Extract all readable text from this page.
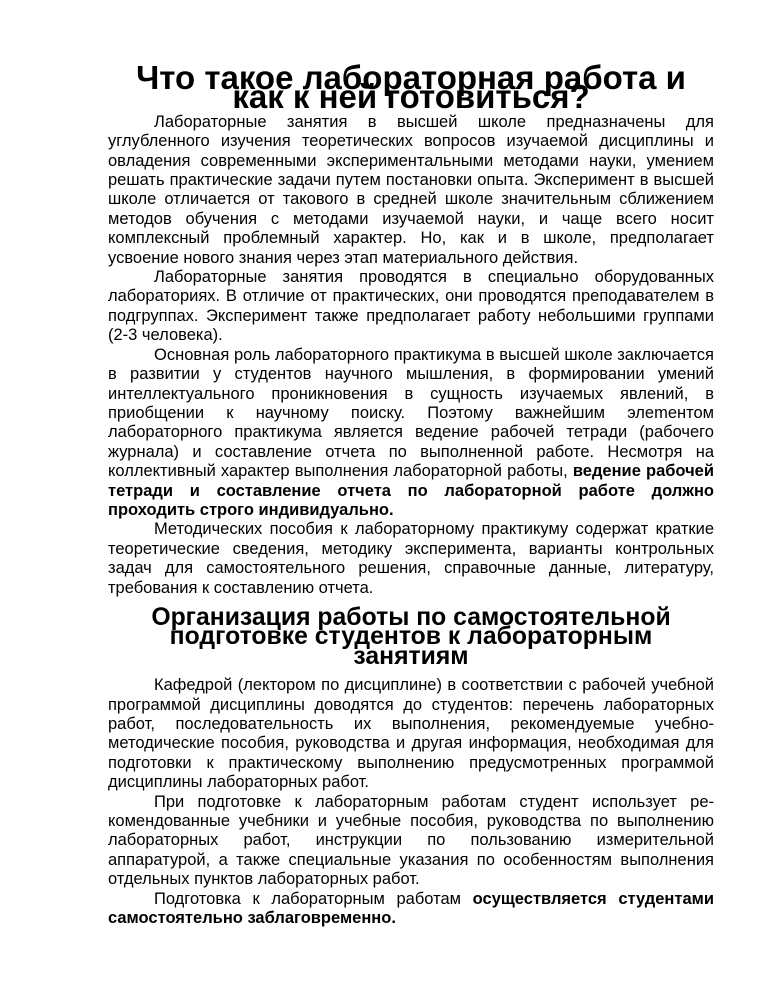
Что такое лабораторная работа и как к ней готовиться?

Лабораторные занятия в высшей школе предназначены для углубленного изучения теоретических вопросов изучаемой дисциплины и овладения современными экспериментальными методами науки, умением решать практические задачи путем постановки опыта. Эксперимент в высшей школе отличается от такового в средней школе значительным сближением методов обучения с методами изучаемой науки, и чаще всего носит комплексный проблемный характер. Но, как и в школе, предполагает усвоение нового знания через этап материального действия.

Лабораторные занятия проводятся в специально оборудованных лабораториях. В отличие от практических, они проводятся преподавателем в подгруппах. Эксперимент также предполагает работу небольшими группами (2-3 человека).

Основная роль лабораторного практикума в высшей школе заключается в развитии у студентов научного мышления, в формировании умений интеллектуального проникновения в сущность изучаемых явлений, в приобщении к научному поиску. Поэтому важнейшим элеmентом лабораторного практикума является ведение рабочей тетради (рабочего журнала) и составление отчета по выполненной работе. Несмотря на коллективный характер выполнения лабораторной работы, ведение рабочей тетради и составление отчета по лабораторной работе должно проходить строго индивидуально.

Методических пособия к лабораторному практикуму содержат краткие теоретические сведения, методику эксперимента, варианты контрольных задач для самостоятельного решения, справочные данные, литературу, требования к составлению отчета.

Организация работы по самостоятельной подготовке студентов к лабораторным занятиям

Кафедрой (лектором по дисциплине) в соответствии с рабочей учебной программой дисциплины доводятся до студентов: перечень лабораторных работ, последовательность их выполнения, рекомендуемые учебно-методические пособия, руководства и другая информация, необходимая для подготовки к практическому выполнению предусмотренных программой дисциплины лабораторных работ.

При подготовке к лабораторным работам студент использует рекомендованные учебники и учебные пособия, руководства по выполнению лабораторных работ, инструкции по пользованию измерительной аппаратурой, а также специальные указания по особенностям выполнения отдельных пунктов лабораторных работ.

Подготовка к лабораторным работам осуществляется студентами самостоятельно заблаговременно.
